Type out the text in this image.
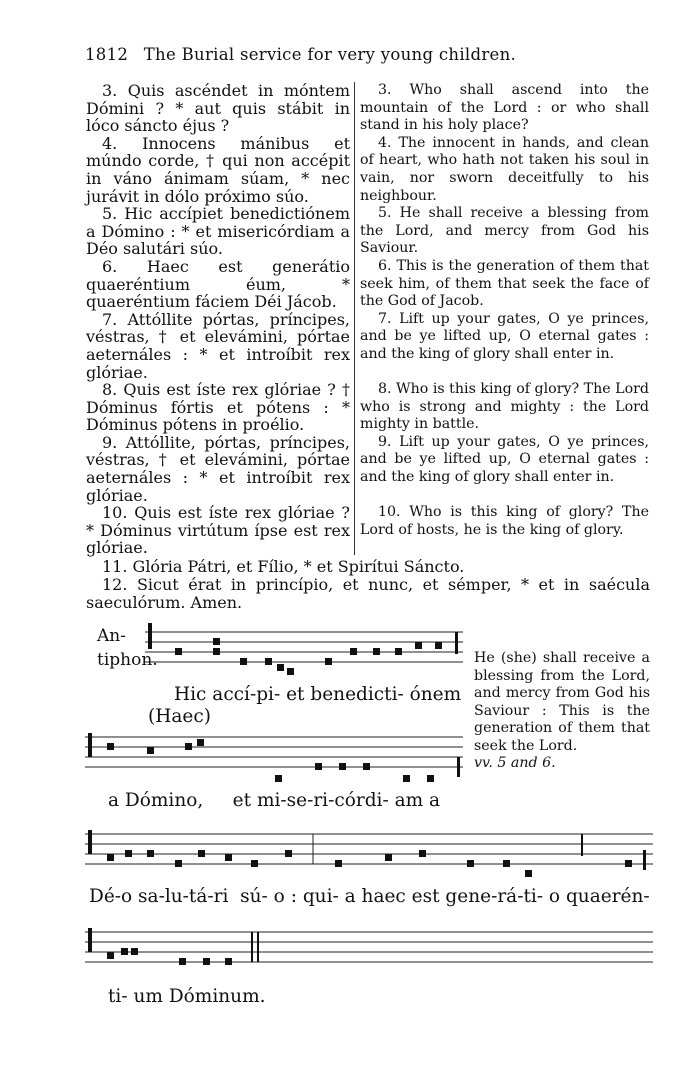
1812 The Burial service for very young children.

3. Quis ascéndet in móntem Dómini ? * aut quis stábit in lóco sáncto éjus ?

4. Innocens mánibus et múndo corde, † qui non accépit in váno ánimam súam, * nec jurávit in dólo próximo súo.

5. Hic accípiet benedictiónem a Dómino : * et misericórdiam a Déo salutári súo.

6. Haec est generátio quaeréntium éum, * quaeréntium fáciem Déi Jácob.

7. Attóllite pórtas, príncipes, véstras, † et elevámini, pórtae aeternáles : * et introíbit rex glóriae.

8. Quis est íste rex glóriae ? † Dóminus fórtis et pótens : * Dóminus pótens in proélio.

9. Attóllite, pórtas, príncipes, véstras, † et elevámini, pórtae aeternáles : * et introíbit rex glóriae.

10. Quis est íste rex glóriae ? * Dóminus virtútum ípse est rex glóriae.

3. Who shall ascend into the mountain of the Lord : or who shall stand in his holy place?

4. The innocent in hands, and clean of heart, who hath not taken his soul in vain, nor sworn deceitfully to his neighbour.

5. He shall receive a blessing from the Lord, and mercy from God his Saviour.

6. This is the generation of them that seek him, of them that seek the face of the God of Jacob.

7. Lift up your gates, O ye princes, and be ye lifted up, O eternal gates : and the king of glory shall enter in.

8. Who is this king of glory? The Lord who is strong and mighty : the Lord mighty in battle.

9. Lift up your gates, O ye princes, and be ye lifted up, O eternal gates : and the king of glory shall enter in.

10. Who is this king of glory? The Lord of hosts, he is the king of glory.

11. Glória Pátri, et Fílio, * et Spirítui Sáncto.

12. Sicut érat in princípio, et nunc, et sémper, * et in saécula saeculórum. Amen.

An-
tiphon.
Hic accí-pi- et benedicti- ónem
(Haec)

He (she) shall receive a blessing from the Lord, and mercy from God his Saviour : This is the generation of them that seek the Lord.

vv. 5 and 6.

a Dómino,     et mi-se-ri-córdi- am a
Dé-o sa-lu-tá-ri  sú- o : qui- a haec est gene-rá-ti- o quaerén-
ti- um Dóminum.
